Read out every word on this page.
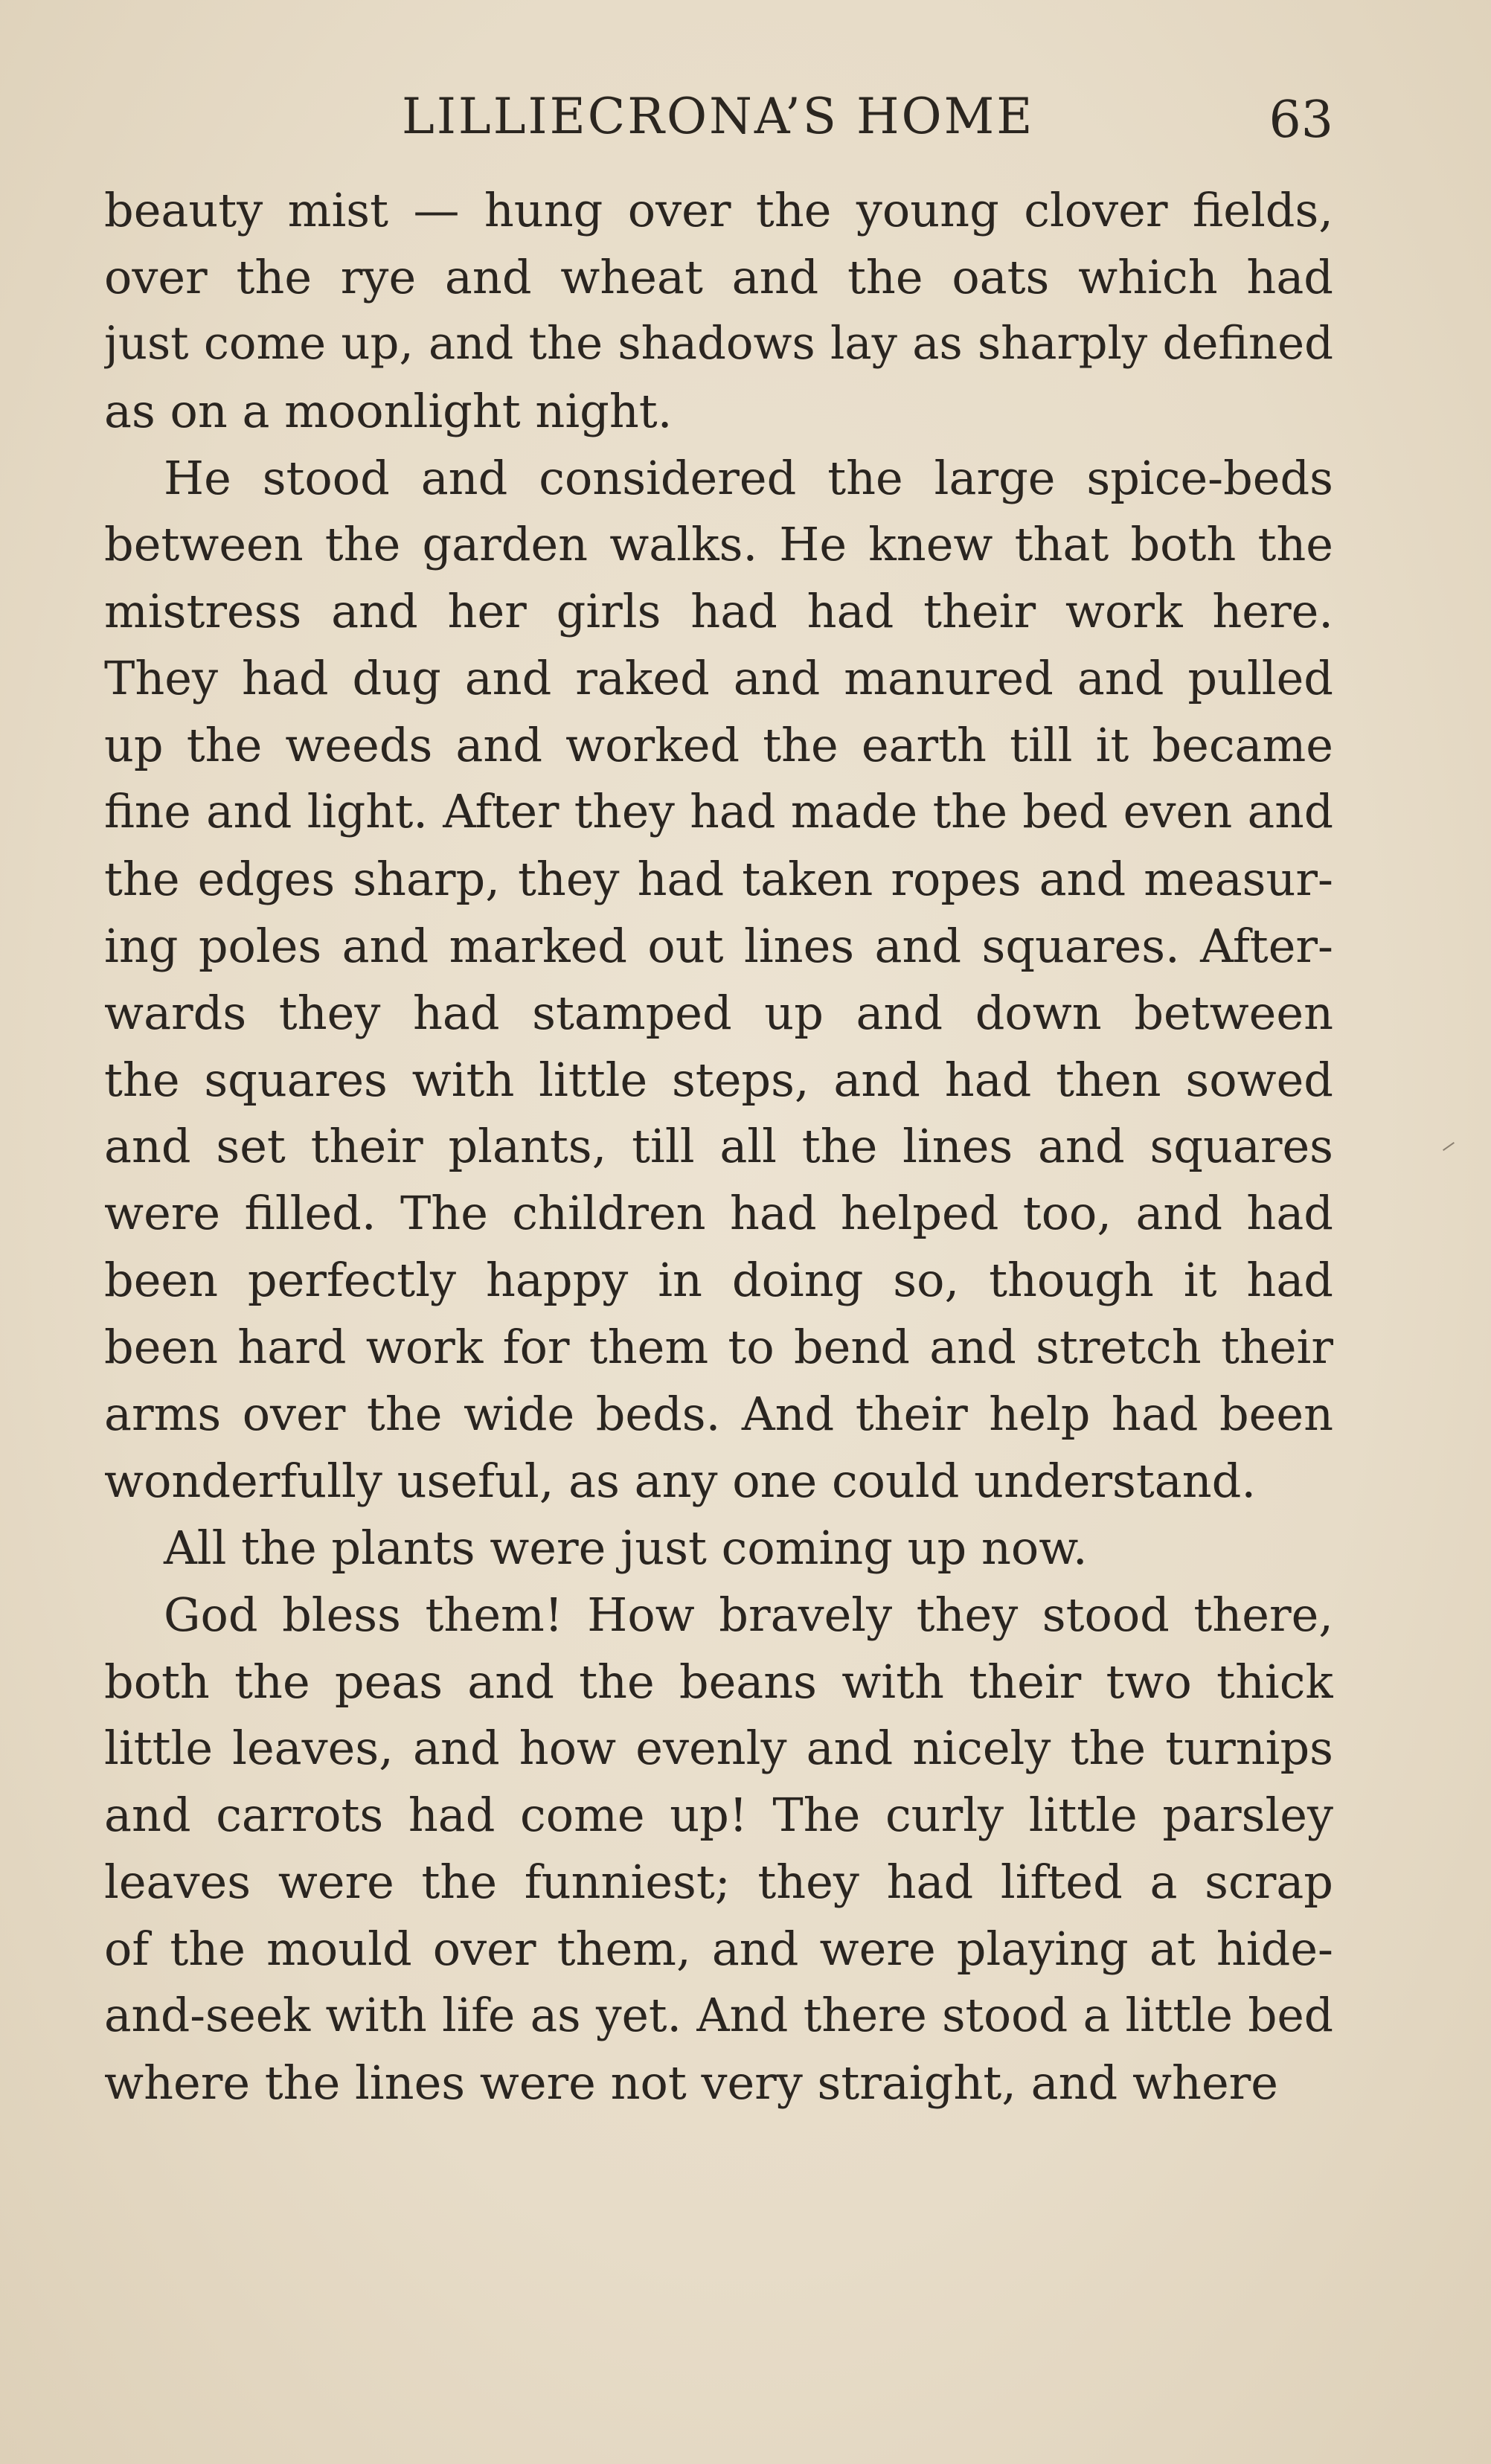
LILLIECRONA’S HOME	63
beauty mist — hung over the young clover fields,
over the rye and wheat and the oats which had
just come up, and the shadows lay as sharply defined
as on a moonlight night.
He stood and considered the large spice-beds
between the garden walks. He knew that both the
mistress and her girls had had their work here.
They had dug and raked and manured and pulled
up the weeds and worked the earth till it became
fine and light. After they had made the bed even and
the edges sharp, they had taken ropes and measur-
ing poles and marked out lines and squares. After-
wards they had stamped up and down between
the squares with little steps, and had then sowed
and set their plants, till all the lines and squares
were filled. The children had helped too, and had
been perfectly happy in doing so, though it had
been hard work for them to bend and stretch their
arms over the wide beds. And their help had been
wonderfully useful, as any one could understand.
All the plants were just coming up now.
God bless them! How bravely they stood there,
both the peas and the beans with their two thick
little leaves, and how evenly and nicely the turnips
and carrots had come up! The curly little parsley
leaves were the funniest; they had lifted a scrap
of the mould over them, and were playing at hide-
and-seek with life as yet. And there stood a little bed
where the lines were not very straight, and where
